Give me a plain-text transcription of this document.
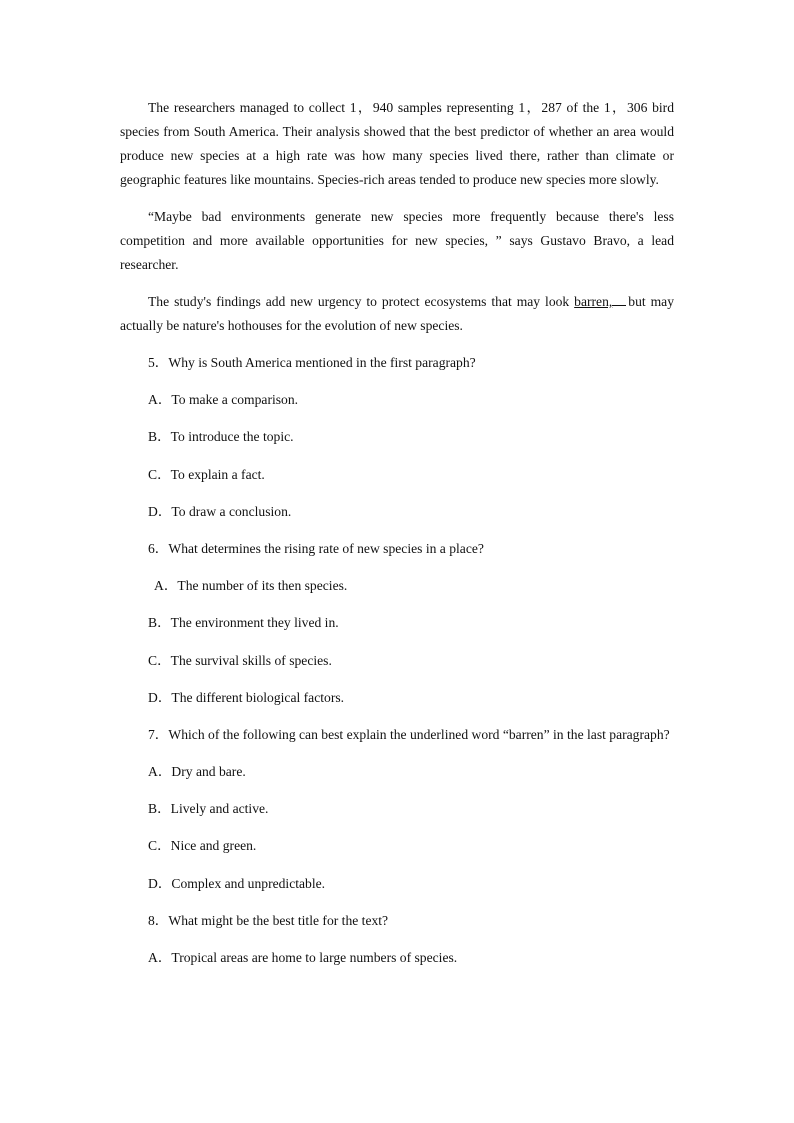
The researchers managed to collect 1，940 samples representing 1，287 of the 1，306 bird species from South America. Their analysis showed that the best predictor of whether an area would produce new species at a high rate was how many species lived there, rather than climate or geographic features like mountains. Species-rich areas tended to produce new species more slowly.

“Maybe bad environments generate new species more frequently because there's less competition and more available opportunities for new species, ” says Gustavo Bravo, a lead researcher.

The study's findings add new urgency to protect ecosystems that may look barren, but may actually be nature's hothouses for the evolution of new species.

5．Why is South America mentioned in the first paragraph?
A．To make a comparison.
B．To introduce the topic.
C．To explain a fact.
D．To draw a conclusion.
6．What determines the rising rate of new species in a place?
A．The number of its then species.
B．The environment they lived in.
C．The survival skills of species.
D．The different biological factors.

7．Which of the following can best explain the underlined word “barren” in the last paragraph?

A．Dry and bare.
B．Lively and active.
C．Nice and green.
D．Complex and unpredictable.
8．What might be the best title for the text?
A．Tropical areas are home to large numbers of species.
